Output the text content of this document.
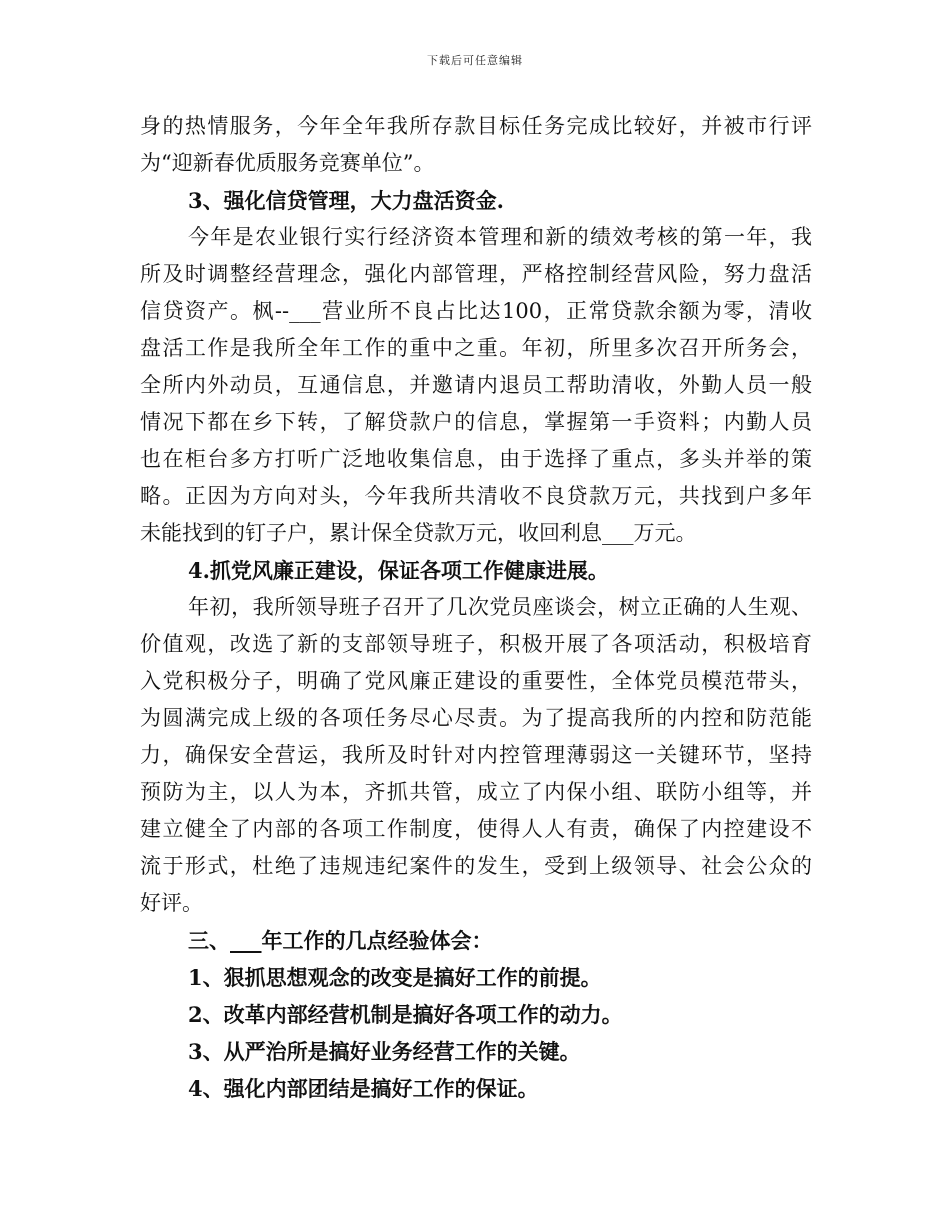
下载后可任意编辑
身的热情服务，今年全年我所存款目标任务完成比较好，并被市行评
为“迎新春优质服务竞赛单位”。
3、强化信贷管理，大力盘活资金.
今年是农业银行实行经济资本管理和新的绩效考核的第一年，我
所及时调整经营理念，强化内部管理，严格控制经营风险，努力盘活
信贷资产。枫--___营业所不良占比达100，正常贷款余额为零，清收
盘活工作是我所全年工作的重中之重。年初，所里多次召开所务会，
全所内外动员，互通信息，并邀请内退员工帮助清收，外勤人员一般
情况下都在乡下转，了解贷款户的信息，掌握第一手资料；内勤人员
也在柜台多方打听广泛地收集信息，由于选择了重点，多头并举的策
略。正因为方向对头，今年我所共清收不良贷款万元，共找到户多年
未能找到的钉子户，累计保全贷款万元，收回利息___万元。
4.抓党风廉正建设，保证各项工作健康进展。
年初，我所领导班子召开了几次党员座谈会，树立正确的人生观、
价值观，改选了新的支部领导班子，积极开展了各项活动，积极培育
入党积极分子，明确了党风廉正建设的重要性，全体党员模范带头，
为圆满完成上级的各项任务尽心尽责。为了提高我所的内控和防范能
力，确保安全营运，我所及时针对内控管理薄弱这一关键环节，坚持
预防为主，以人为本，齐抓共管，成立了内保小组、联防小组等，并
建立健全了内部的各项工作制度，使得人人有责，确保了内控建设不
流于形式，杜绝了违规违纪案件的发生，受到上级领导、社会公众的
好评。
三、___年工作的几点经验体会：
1、狠抓思想观念的改变是搞好工作的前提。
2、改革内部经营机制是搞好各项工作的动力。
3、从严治所是搞好业务经营工作的关键。
4、强化内部团结是搞好工作的保证。
